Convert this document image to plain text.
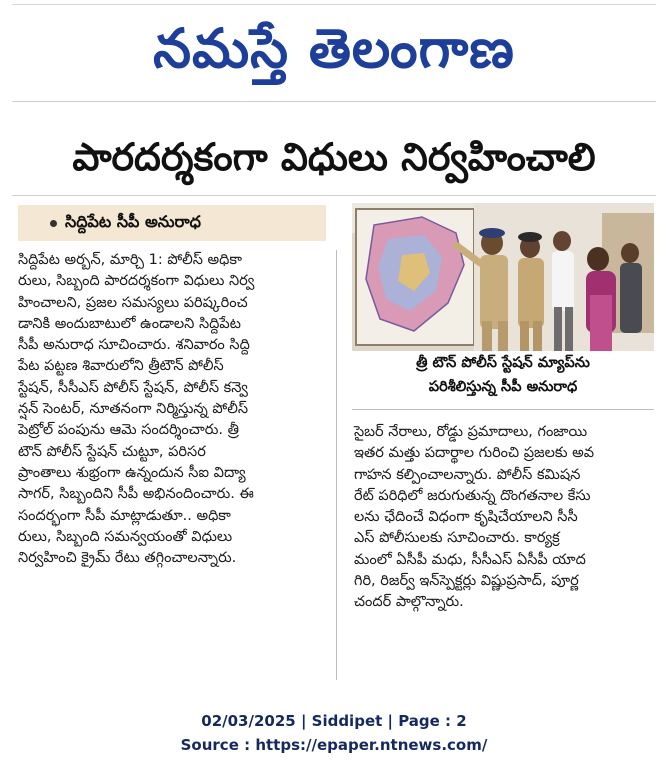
నమస్తే తెలంగాణ
పారదర్శకంగా విధులు నిర్వహించాలి
సిద్దిపేట సీపీ అనురాధ
సిద్దిపేట అర్బన్, మార్చి 1: పోలీస్ అధికా
రులు, సిబ్బంది పారదర్శకంగా విధులు నిర్వ
హించాలని, ప్రజల సమస్యలు పరిష్కరించ
డానికి అందుబాటులో ఉండాలని సిద్దిపేట
సీపీ అనురాధ సూచించారు. శనివారం సిద్ది
పేట పట్టణ శివారులోని త్రీటౌన్ పోలీస్
స్టేషన్, సీసీఎస్ పోలీస్ స్టేషన్, పోలీస్ కన్వె
న్షన్ సెంటర్, నూతనంగా నిర్మిస్తున్న పోలీస్
పెట్రోల్ పంపును ఆమె సందర్శించారు. త్రీ
టౌన్ పోలీస్ స్టేషన్ చుట్టూ, పరిసర
ప్రాంతాలు శుభ్రంగా ఉన్నందున సీఐ విద్యా
సాగర్, సిబ్బందిని సీపీ అభినందించారు. ఈ
సందర్భంగా సీపీ మాట్లాడుతూ.. అధికా
రులు, సిబ్బంది సమన్వయంతో విధులు
నిర్వహించి క్రైమ్ రేటు తగ్గించాలన్నారు.
త్రీ టౌన్ పోలీస్ స్టేషన్ మ్యాప్‌ను
పరిశీలిస్తున్న సీపీ అనురాధ
సైబర్ నేరాలు, రోడ్డు ప్రమాదాలు, గంజాయి
ఇతర మత్తు పదార్థాల గురించి ప్రజలకు అవ
గాహన కల్పించాలన్నారు. పోలీస్ కమిషన
రేట్ పరిధిలో జరుగుతున్న దొంగతనాల కేసు
లను ఛేదించే విధంగా కృషిచేయాలని సీసీ
ఎస్ పోలీసులకు సూచించారు. కార్యక్ర
మంలో ఏసీపీ మధు, సీసీఎస్ ఏసీపీ యాద
గిరి, రిజర్వ్ ఇన్‌స్పెక్టర్లు విష్ణుప్రసాద్, పూర్ణ
చందర్ పాల్గొన్నారు.
02/03/2025 | Siddipet | Page : 2
Source : https://epaper.ntnews.com/
